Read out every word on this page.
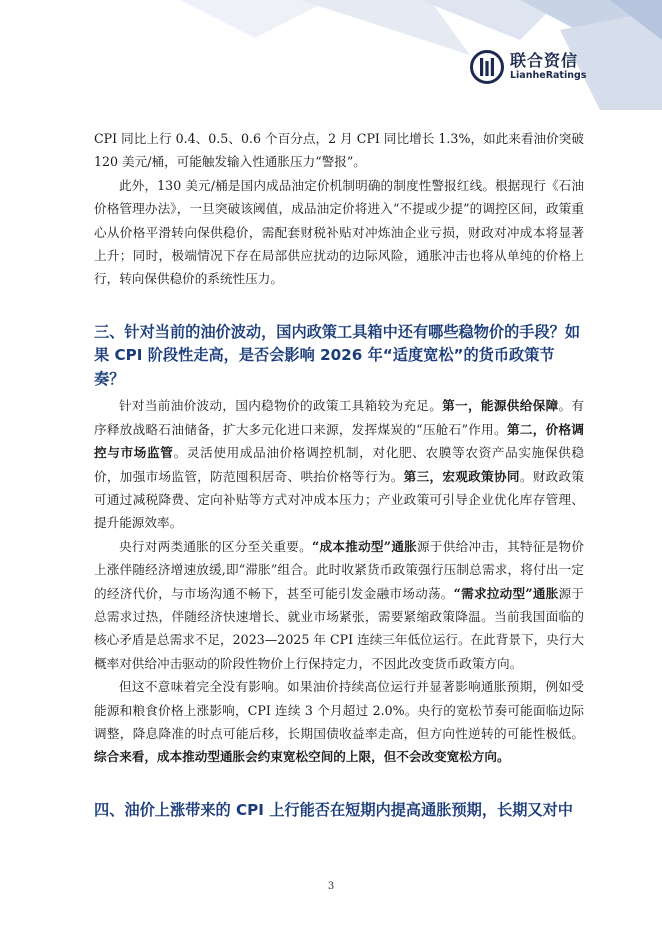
联合资信
LianheRatings

CPI 同比上行 0.4、0.5、0.6 个百分点，2 月 CPI 同比增长 1.3%，如此来看油价突破 120 美元/桶，可能触发输入性通胀压力“警报”。

此外，130 美元/桶是国内成品油定价机制明确的制度性警报红线。根据现行《石油价格管理办法》，一旦突破该阈值，成品油定价将进入“不提或少提”的调控区间，政策重心从价格平滑转向保供稳价，需配套财税补贴对冲炼油企业亏损，财政对冲成本将显著上升；同时，极端情况下存在局部供应扰动的边际风险，通胀冲击也将从单纯的价格上行，转向保供稳价的系统性压力。

三、针对当前的油价波动，国内政策工具箱中还有哪些稳物价的手段？如果 CPI 阶段性走高，是否会影响 2026 年“适度宽松”的货币政策节奏？

针对当前油价波动，国内稳物价的政策工具箱较为充足。第一，能源供给保障。有序释放战略石油储备，扩大多元化进口来源，发挥煤炭的“压舱石”作用。第二，价格调控与市场监管。灵活使用成品油价格调控机制，对化肥、农膜等农资产品实施保供稳价，加强市场监管，防范囤积居奇、哄抬价格等行为。第三，宏观政策协同。财政政策可通过减税降费、定向补贴等方式对冲成本压力；产业政策可引导企业优化库存管理、提升能源效率。

央行对两类通胀的区分至关重要。“成本推动型”通胀源于供给冲击，其特征是物价上涨伴随经济增速放缓,即“滞胀”组合。此时收紧货币政策强行压制总需求，将付出一定的经济代价，与市场沟通不畅下，甚至可能引发金融市场动荡。“需求拉动型”通胀源于总需求过热，伴随经济快速增长、就业市场紧张，需要紧缩政策降温。当前我国面临的核心矛盾是总需求不足，2023—2025 年 CPI 连续三年低位运行。在此背景下，央行大概率对供给冲击驱动的阶段性物价上行保持定力，不因此改变货币政策方向。

但这不意味着完全没有影响。如果油价持续高位运行并显著影响通胀预期，例如受能源和粮食价格上涨影响，CPI 连续 3 个月超过 2.0%。央行的宽松节奏可能面临边际调整，降息降准的时点可能后移，长期国债收益率走高，但方向性逆转的可能性极低。综合来看，成本推动型通胀会约束宽松空间的上限，但不会改变宽松方向。

四、油价上涨带来的 CPI 上行能否在短期内提高通胀预期，长期又对中
3
